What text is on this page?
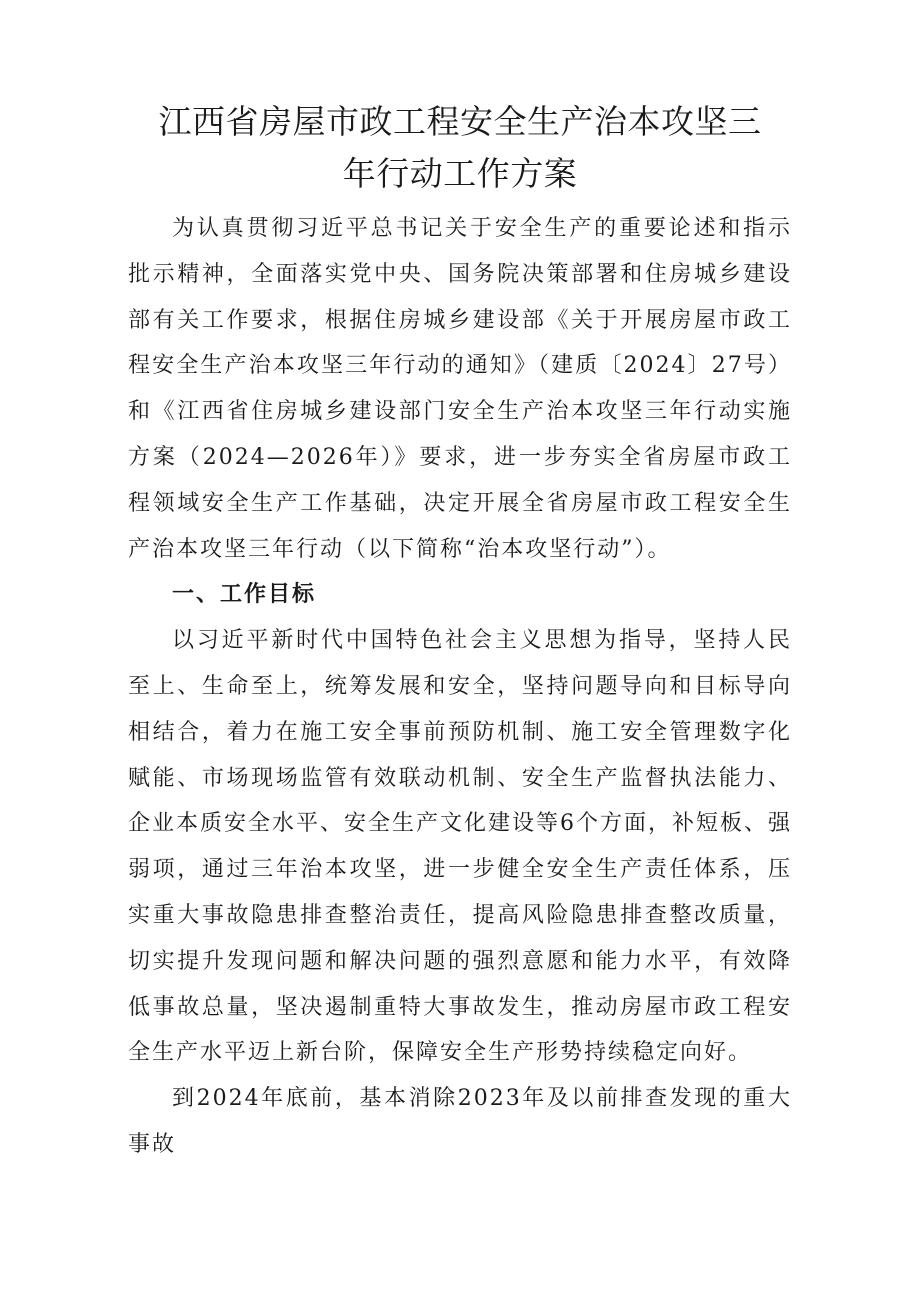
江西省房屋市政工程安全生产治本攻坚三
年行动工作方案

为认真贯彻习近平总书记关于安全生产的重要论述和指示批示精神，全面落实党中央、国务院决策部署和住房城乡建设部有关工作要求，根据住房城乡建设部《关于开展房屋市政工程安全生产治本攻坚三年行动的通知》（建质〔2024〕27号）和《江西省住房城乡建设部门安全生产治本攻坚三年行动实施方案（2024—2026年）》要求，进一步夯实全省房屋市政工程领域安全生产工作基础，决定开展全省房屋市政工程安全生产治本攻坚三年行动（以下简称“治本攻坚行动”）。

一、工作目标

以习近平新时代中国特色社会主义思想为指导，坚持人民至上、生命至上，统筹发展和安全，坚持问题导向和目标导向相结合，着力在施工安全事前预防机制、施工安全管理数字化赋能、市场现场监管有效联动机制、安全生产监督执法能力、企业本质安全水平、安全生产文化建设等6个方面，补短板、强弱项，通过三年治本攻坚，进一步健全安全生产责任体系，压实重大事故隐患排查整治责任，提高风险隐患排查整改质量，切实提升发现问题和解决问题的强烈意愿和能力水平，有效降低事故总量，坚决遏制重特大事故发生，推动房屋市政工程安全生产水平迈上新台阶，保障安全生产形势持续稳定向好。

到2024年底前，基本消除2023年及以前排查发现的重大事故
